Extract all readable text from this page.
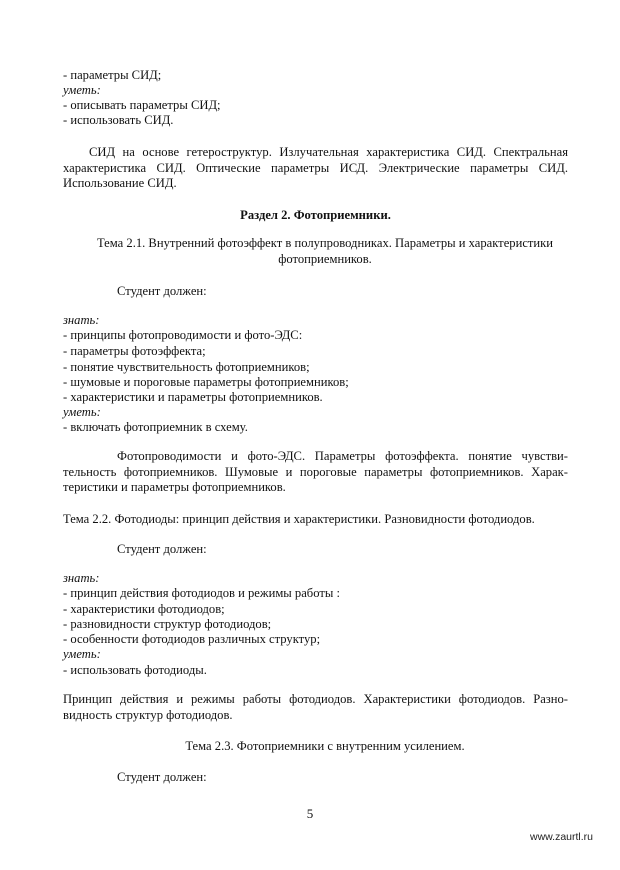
- параметры СИД;
уметь:
- описывать параметры СИД;
- использовать СИД.

СИД на основе гетероструктур. Излучательная характеристика СИД. Спектральная характеристика СИД. Оптические параметры ИСД. Электрические параметры СИД. Использование СИД.

Раздел 2. Фотоприемники.

Тема 2.1. Внутренний фотоэффект в полупроводниках. Параметры и характеристики фотоприемников.

Студент должен:
знать:
- принципы фотопроводимости и фото-ЭДС:
- параметры фотоэффекта;
- понятие чувствительность фотоприемников;
- шумовые и пороговые параметры фотоприемников;
- характеристики и параметры фотоприемников.
уметь:
- включать фотоприемник в схему.

Фотопроводимости и фото-ЭДС. Параметры фотоэффекта. понятие чувстви-тельность фотоприемников. Шумовые и пороговые параметры фотоприемников. Харак-теристики и параметры фотоприемников.

Тема 2.2. Фотодиоды: принцип действия и характеристики. Разновидности фотодиодов.
Студент должен:
знать:
- принцип действия фотодиодов и режимы работы :
- характеристики фотодиодов;
- разновидности структур фотодиодов;
- особенности фотодиодов различных структур;
уметь:
- использовать фотодиоды.

Принцип действия и режимы работы фотодиодов. Характеристики фотодиодов. Разно-видность структур фотодиодов.

Тема 2.3. Фотоприемники с внутренним усилением.

Студент должен:
5
www.zaurtl.ru
